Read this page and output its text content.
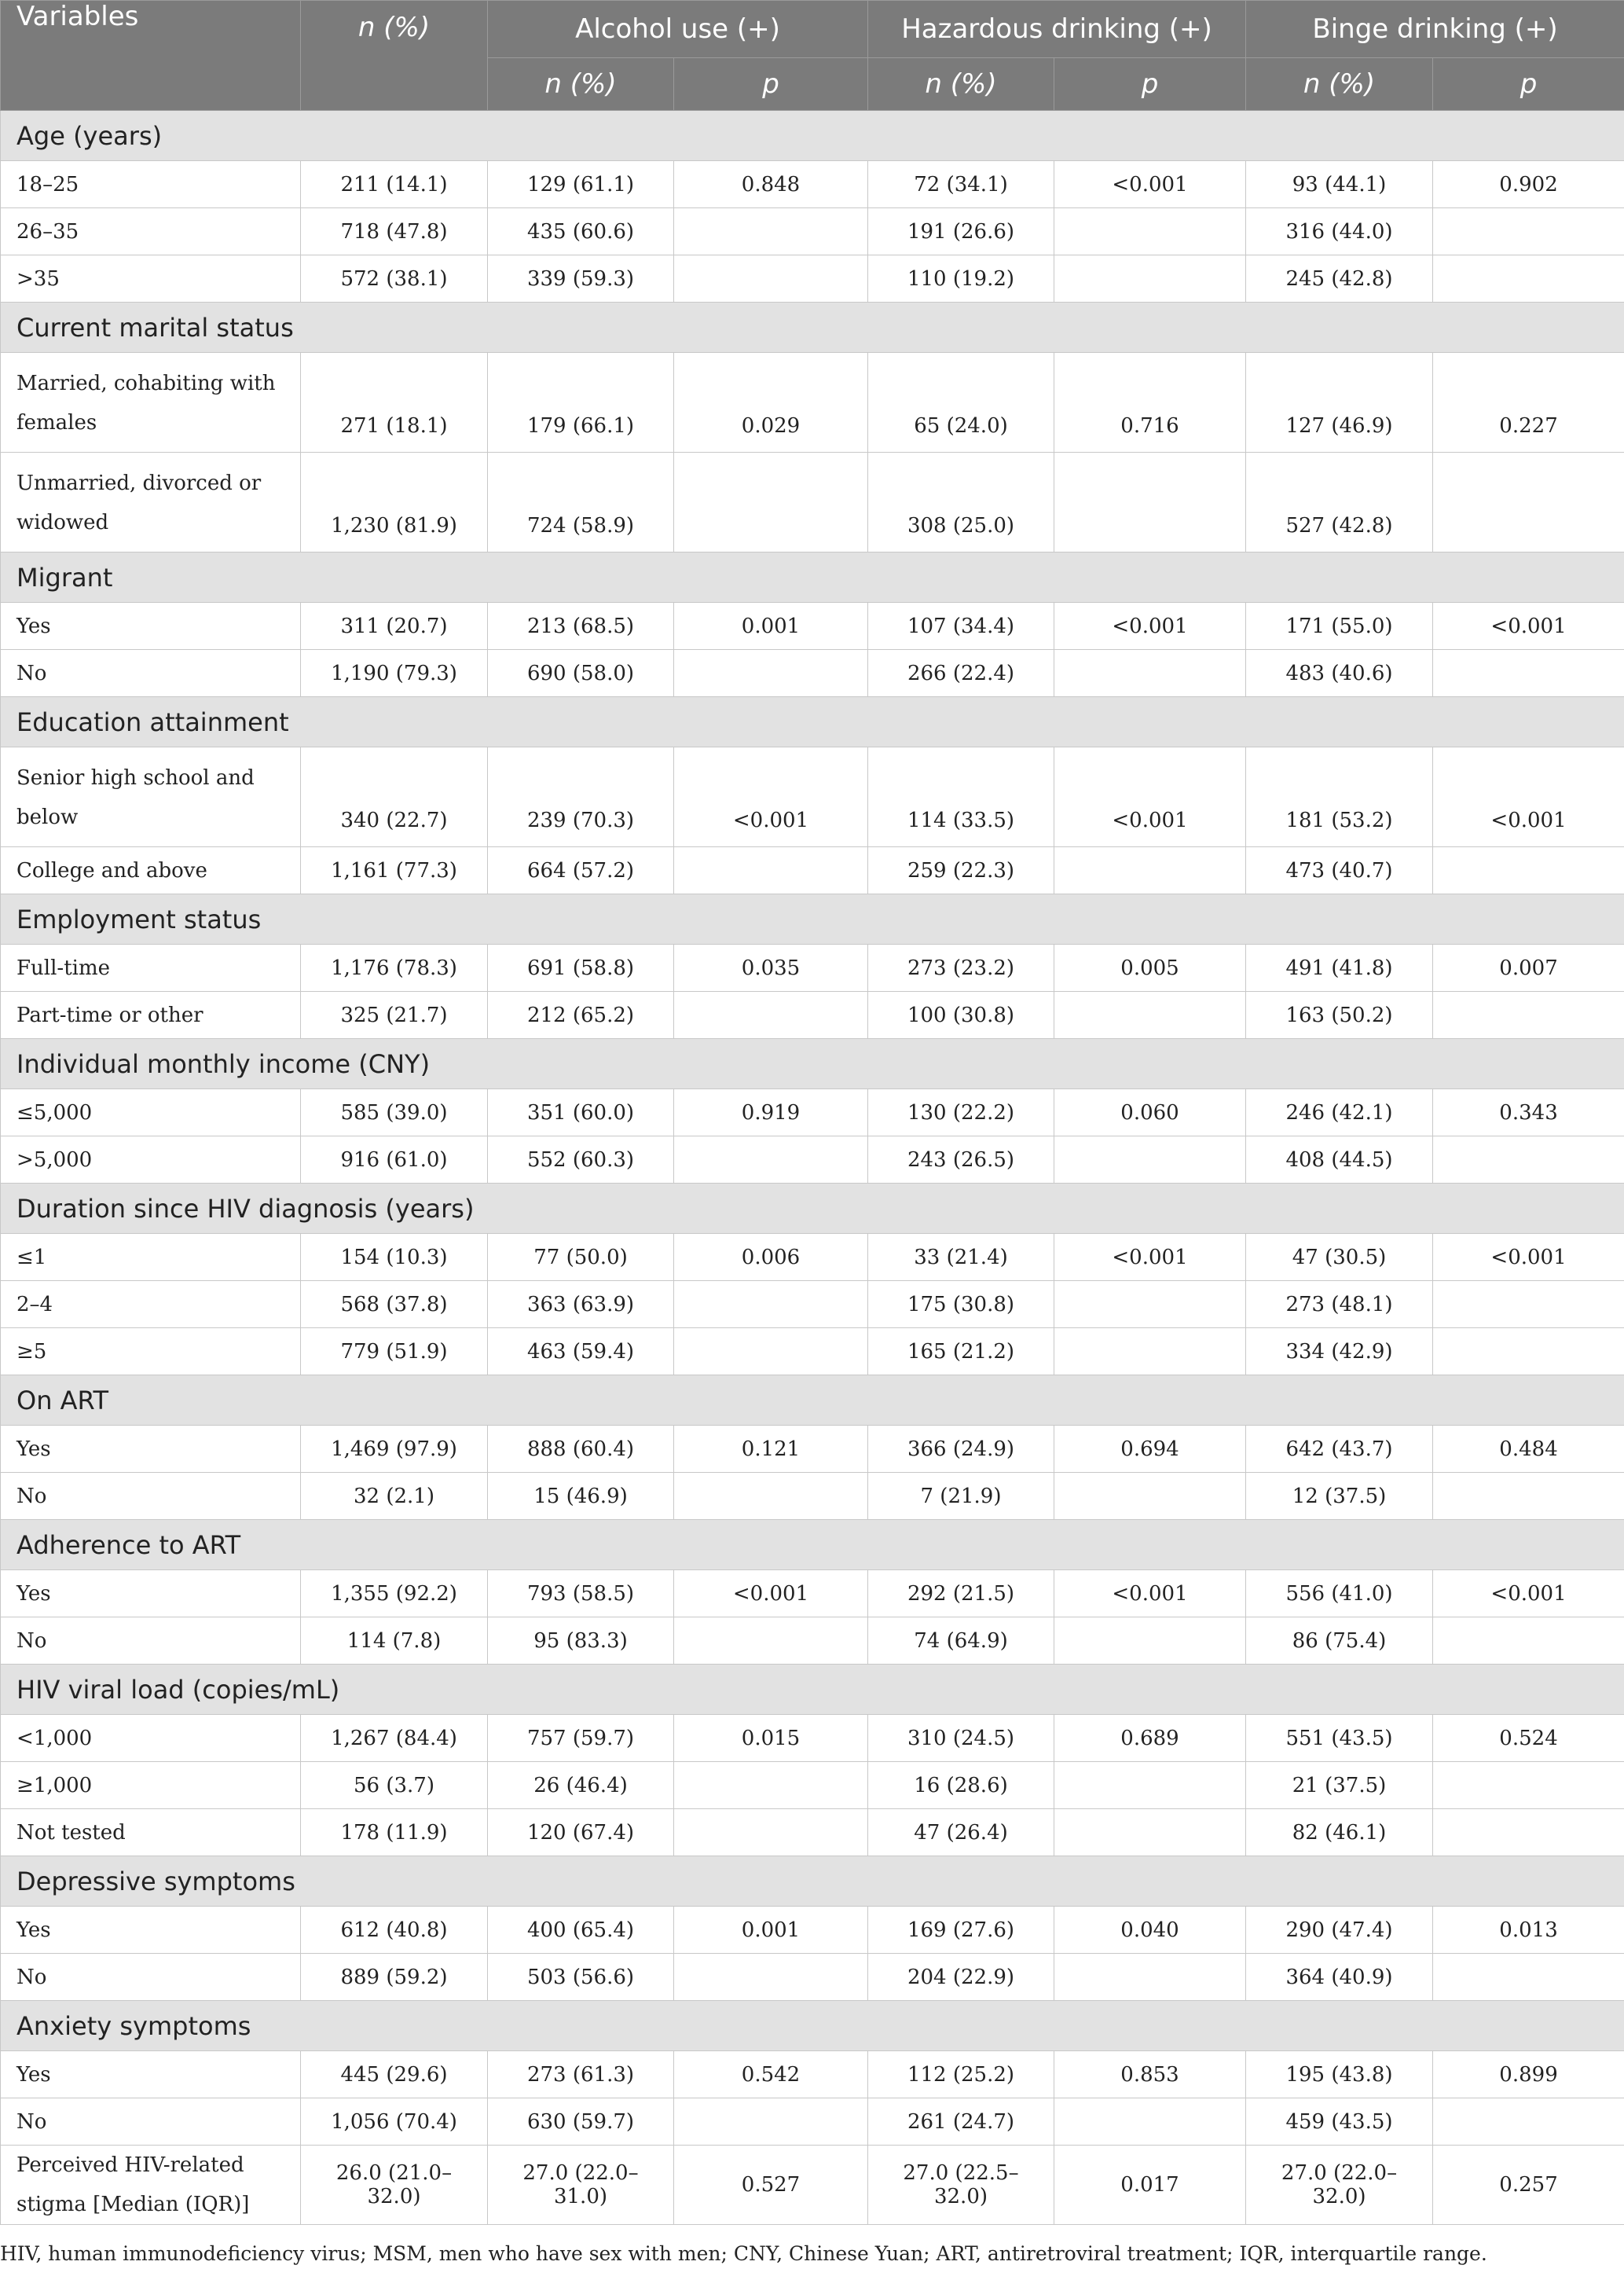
Variables	n (%)	Alcohol use (+)		Hazardous drinking (+)		Binge drinking (+)	
		n (%)	p	n (%)	p	n (%)	p
Age (years)							
18–25	211 (14.1)	129 (61.1)	0.848	72 (34.1)	<0.001	93 (44.1)	0.902
26–35	718 (47.8)	435 (60.6)		191 (26.6)		316 (44.0)	
>35	572 (38.1)	339 (59.3)		110 (19.2)		245 (42.8)	
Current marital status							
Married, cohabiting with females	271 (18.1)	179 (66.1)	0.029	65 (24.0)	0.716	127 (46.9)	0.227
Unmarried, divorced or widowed	1,230 (81.9)	724 (58.9)		308 (25.0)		527 (42.8)	
Migrant							
Yes	311 (20.7)	213 (68.5)	0.001	107 (34.4)	<0.001	171 (55.0)	<0.001
No	1,190 (79.3)	690 (58.0)		266 (22.4)		483 (40.6)	
Education attainment							
Senior high school and below	340 (22.7)	239 (70.3)	<0.001	114 (33.5)	<0.001	181 (53.2)	<0.001
College and above	1,161 (77.3)	664 (57.2)		259 (22.3)		473 (40.7)	
Employment status							
Full-time	1,176 (78.3)	691 (58.8)	0.035	273 (23.2)	0.005	491 (41.8)	0.007
Part-time or other	325 (21.7)	212 (65.2)		100 (30.8)		163 (50.2)	
Individual monthly income (CNY)							
≤5,000	585 (39.0)	351 (60.0)	0.919	130 (22.2)	0.060	246 (42.1)	0.343
>5,000	916 (61.0)	552 (60.3)		243 (26.5)		408 (44.5)	
Duration since HIV diagnosis (years)							
≤1	154 (10.3)	77 (50.0)	0.006	33 (21.4)	<0.001	47 (30.5)	<0.001
2–4	568 (37.8)	363 (63.9)		175 (30.8)		273 (48.1)	
≥5	779 (51.9)	463 (59.4)		165 (21.2)		334 (42.9)	
On ART							
Yes	1,469 (97.9)	888 (60.4)	0.121	366 (24.9)	0.694	642 (43.7)	0.484
No	32 (2.1)	15 (46.9)		7 (21.9)		12 (37.5)	
Adherence to ART							
Yes	1,355 (92.2)	793 (58.5)	<0.001	292 (21.5)	<0.001	556 (41.0)	<0.001
No	114 (7.8)	95 (83.3)		74 (64.9)		86 (75.4)	
HIV viral load (copies/mL)							
<1,000	1,267 (84.4)	757 (59.7)	0.015	310 (24.5)	0.689	551 (43.5)	0.524
≥1,000	56 (3.7)	26 (46.4)		16 (28.6)		21 (37.5)	
Not tested	178 (11.9)	120 (67.4)		47 (26.4)		82 (46.1)	
Depressive symptoms							
Yes	612 (40.8)	400 (65.4)	0.001	169 (27.6)	0.040	290 (47.4)	0.013
No	889 (59.2)	503 (56.6)		204 (22.9)		364 (40.9)	
Anxiety symptoms							
Yes	445 (29.6)	273 (61.3)	0.542	112 (25.2)	0.853	195 (43.8)	0.899
No	1,056 (70.4)	630 (59.7)		261 (24.7)		459 (43.5)	
Perceived HIV-related stigma [Median (IQR)]	26.0 (21.0–32.0)	27.0 (22.0–31.0)	0.527	27.0 (22.5–32.0)	0.017	27.0 (22.0–32.0)	0.257
HIV, human immunodeficiency virus; MSM, men who have sex with men; CNY, Chinese Yuan; ART, antiretroviral treatment; IQR, interquartile range.
